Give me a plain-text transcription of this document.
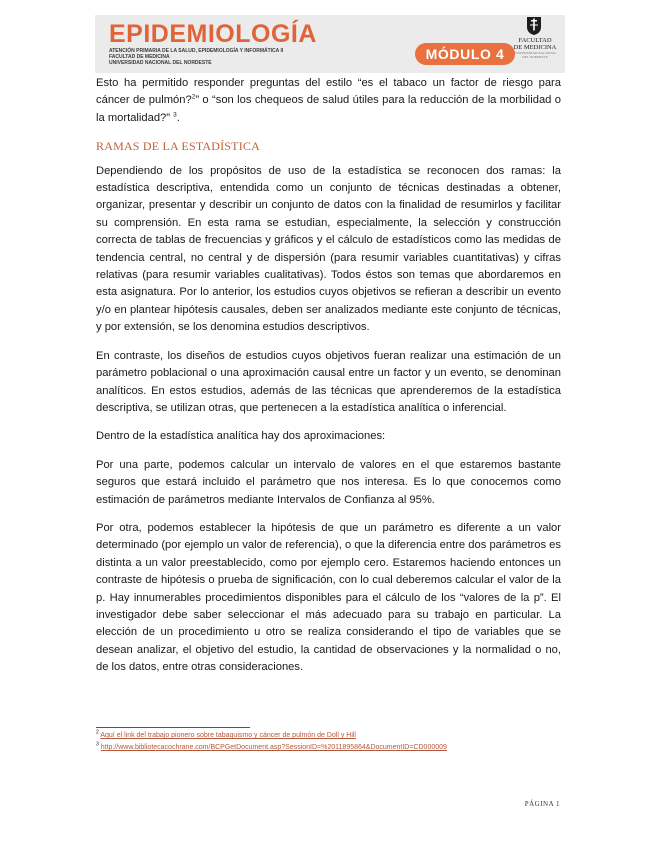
EPIDEMIOLOGÍA
ATENCIÓN PRIMARIA DE LA SALUD, EPIDEMIOLOGÍA Y INFORMÁTICA II
FACULTAD DE MEDICINA
UNIVERSIDAD NACIONAL DEL NORDESTE
MÓDULO 4
FACULTAD
DE MEDICINA
UNIVERSIDAD NACIONAL DEL NORDESTE

Esto ha permitido responder preguntas del estilo “es el tabaco un factor de riesgo para cáncer de pulmón?$^2$” o “son los chequeos de salud útiles para la reducción de la morbilidad o la mortalidad?” $^3$.

RAMAS DE LA ESTADÍSTICA

Dependiendo de los propósitos de uso de la estadística se reconocen dos ramas: la estadística descriptiva, entendida como un conjunto de técnicas destinadas a obtener, organizar, presentar y describir un conjunto de datos con la finalidad de resumirlos y facilitar su comprensión. En esta rama se estudian, especialmente, la selección y construcción correcta de tablas de frecuencias y gráficos y el cálculo de estadísticos como las medidas de tendencia central, no central y de dispersión (para resumir variables cuantitativas) y cifras relativas (para resumir variables cualitativas). Todos éstos son temas que abordaremos en esta asignatura. Por lo anterior, los estudios cuyos objetivos se refieran a describir un evento y/o en plantear hipótesis causales, deben ser analizados mediante este conjunto de técnicas, y por extensión, se los denomina estudios descriptivos.

En contraste, los diseños de estudios cuyos objetivos fueran realizar una estimación de un parámetro poblacional o una aproximación causal entre un factor y un evento, se denominan analíticos. En estos estudios, además de las técnicas que aprenderemos de la estadística descriptiva, se utilizan otras, que pertenecen a la estadística analítica o inferencial.

Dentro de la estadística analítica hay dos aproximaciones:

Por una parte, podemos calcular un intervalo de valores en el que estaremos bastante seguros que estará incluido el parámetro que nos interesa. Es lo que conocemos como estimación de parámetros mediante Intervalos de Confianza al 95%.

Por otra, podemos establecer la hipótesis de que un parámetro es diferente a un valor determinado (por ejemplo un valor de referencia), o que la diferencia entre dos parámetros es distinta a un valor preestablecido, como por ejemplo cero. Estaremos haciendo entonces un contraste de hipótesis o prueba de significación, con lo cual deberemos calcular el valor de la p. Hay innumerables procedimientos disponibles para el cálculo de los “valores de la p”. El investigador debe saber seleccionar el más adecuado para su trabajo en particular. La elección de un procedimiento u otro se realiza considerando el tipo de variables que se desean analizar, el objetivo del estudio, la cantidad de observaciones y la normalidad o no, de los datos, entre otras consideraciones.

$^2$ Aquí el link del trabajo pionero sobre tabaquismo y cáncer de pulmón de Doll y Hill
$^3$ http://www.bibliotecacochrane.com/BCPGetDocument.asp?SessionID=%2011895864&DocumentID=CD000009
PÁGINA 1
